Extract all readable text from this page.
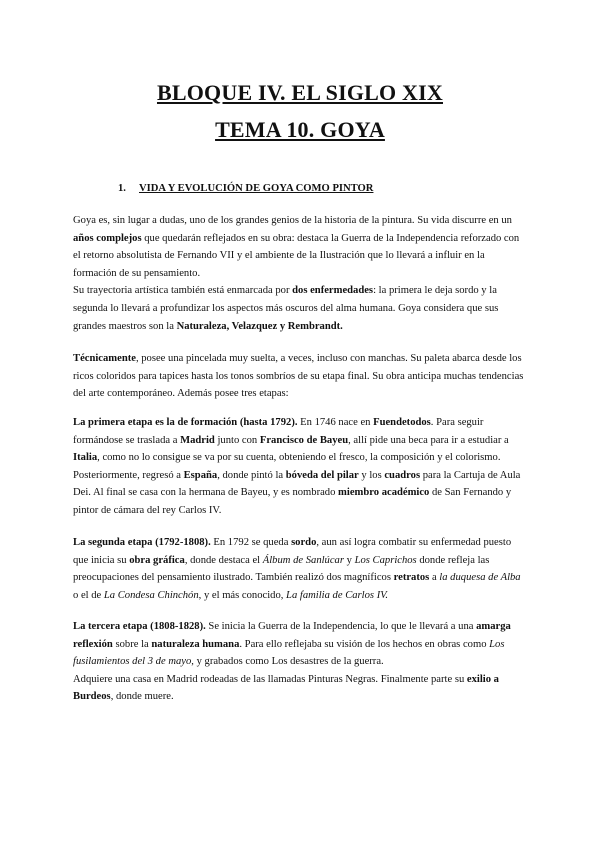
BLOQUE IV. EL SIGLO XIX
TEMA 10. GOYA
1. VIDA Y EVOLUCIÓN DE GOYA COMO PINTOR

Goya es, sin lugar a dudas, uno de los grandes genios de la historia de la pintura. Su vida discurre en un años complejos que quedarán reflejados en su obra: destaca la Guerra de la Independencia reforzado con el retorno absolutista de Fernando VII y el ambiente de la Ilustración que lo llevará a influir en la formación de su pensamiento.
Su trayectoria artística también está enmarcada por dos enfermedades: la primera le deja sordo y la segunda lo llevará a profundizar los aspectos más oscuros del alma humana. Goya considera que sus grandes maestros son la Naturaleza, Velazquez y Rembrandt.

Técnicamente, posee una pincelada muy suelta, a veces, incluso con manchas. Su paleta abarca desde los ricos coloridos para tapices hasta los tonos sombríos de su etapa final. Su obra anticipa muchas tendencias del arte contemporáneo. Además posee tres etapas:

La primera etapa es la de formación (hasta 1792). En 1746 nace en Fuendetodos. Para seguir formándose se traslada a Madrid junto con Francisco de Bayeu, allí pide una beca para ir a estudiar a Italia, como no lo consigue se va por su cuenta, obteniendo el fresco, la composición y el colorismo. Posteriormente, regresó a España, donde pintó la bóveda del pilar y los cuadros para la Cartuja de Aula Dei. Al final se casa con la hermana de Bayeu, y es nombrado miembro académico de San Fernando y pintor de cámara del rey Carlos IV.

La segunda etapa (1792-1808). En 1792 se queda sordo, aun así logra combatir su enfermedad puesto que inicia su obra gráfica, donde destaca el Álbum de Sanlúcar y Los Caprichos donde refleja las preocupaciones del pensamiento ilustrado. También realizó dos magníficos retratos a la duquesa de Alba o el de La Condesa Chinchón, y el más conocido, La familia de Carlos IV.

La tercera etapa (1808-1828). Se inicia la Guerra de la Independencia, lo que le llevará a una amarga reflexión sobre la naturaleza humana. Para ello reflejaba su visión de los hechos en obras como Los fusilamientos del 3 de mayo, y grabados como Los desastres de la guerra.
Adquiere una casa en Madrid rodeadas de las llamadas Pinturas Negras. Finalmente parte su exilio a Burdeos, donde muere.
